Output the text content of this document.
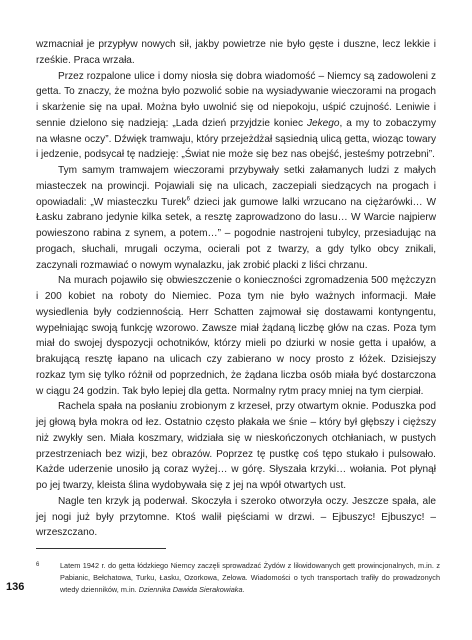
wzmacniał je przypływ nowych sił, jakby powietrze nie było gęste i duszne, lecz lekkie i rześkie. Praca wrzała.

Przez rozpalone ulice i domy niosła się dobra wiadomość – Niemcy są zadowoleni z getta. To znaczy, że można było pozwolić sobie na wysiadywanie wieczorami na progach i skarżenie się na upał. Można było uwolnić się od niepokoju, uśpić czujność. Leniwie i sennie dzielono się nadzieją: „Lada dzień przyjdzie koniec Jekego, a my to zobaczymy na własne oczy”. Dźwięk tramwaju, który przejeżdżał sąsiednią ulicą getta, wioząc towary i jedzenie, podsycał tę nadzieję: „Świat nie może się bez nas obejść, jesteśmy potrzebni”.

Tym samym tramwajem wieczorami przybywały setki załamanych ludzi z małych miasteczek na prowincji. Pojawiali się na ulicach, zaczepiali siedzących na progach i opowiadali: „W miasteczku Turek$^6$ dzieci jak gumowe lalki wrzucano na ciężarówki… W Łasku zabrano jedynie kilka setek, a resztę zaprowadzono do lasu… W Warcie najpierw powieszono rabina z synem, a potem…” – pogodnie nastrojeni tubylcy, przesiadując na progach, słuchali, mrugali oczyma, ocierali pot z twarzy, a gdy tylko obcy znikali, zaczynali rozmawiać o nowym wynalazku, jak zrobić placki z liści chrzanu.

Na murach pojawiło się obwieszczenie o konieczności zgromadzenia 500 mężczyzn i 200 kobiet na roboty do Niemiec. Poza tym nie było ważnych informacji. Małe wysiedlenia były codziennością. Herr Schatten zajmował się dostawami kontyngentu, wypełniając swoją funkcję wzorowo. Zawsze miał żądaną liczbę głów na czas. Poza tym miał do swojej dyspozycji ochotników, którzy mieli po dziurki w nosie getta i upałów, a brakującą resztę łapano na ulicach czy zabierano w nocy prosto z łóżek. Dzisiejszy rozkaz tym się tylko różnił od poprzednich, że żądana liczba osób miała być dostarczona w ciągu 24 godzin. Tak było lepiej dla getta. Normalny rytm pracy mniej na tym cierpiał.

Rachela spała na posłaniu zrobionym z krzeseł, przy otwartym oknie. Poduszka pod jej głową była mokra od łez. Ostatnio często płakała we śnie – który był głębszy i cięższy niż zwykły sen. Miała koszmary, widziała się w nieskończonych otchłaniach, w pustych przestrzeniach bez wizji, bez obrazów. Poprzez tę pustkę coś tępo stukało i pulsowało. Każde uderzenie unosiło ją coraz wyżej… w górę. Słyszała krzyki… wołania. Pot płynął po jej twarzy, kleista ślina wydobywała się z jej na wpół otwartych ust.

Nagle ten krzyk ją poderwał. Skoczyła i szeroko otworzyła oczy. Jeszcze spała, ale jej nogi już były przytomne. Ktoś walił pięściami w drzwi. – Ejbuszyc! Ejbuszyc! – wrzeszczano.

6	Latem 1942 r. do getta łódzkiego Niemcy zaczęli sprowadzać Żydów z likwidowanych gett prowincjonalnych, m.in. z Pabianic, Bełchatowa, Turku, Łasku, Ozorkowa, Zelowa. Wiadomości o tych transportach trafiły do prowadzonych wtedy dzienników, m.in. Dziennika Dawida Sierakowiaka.
136
